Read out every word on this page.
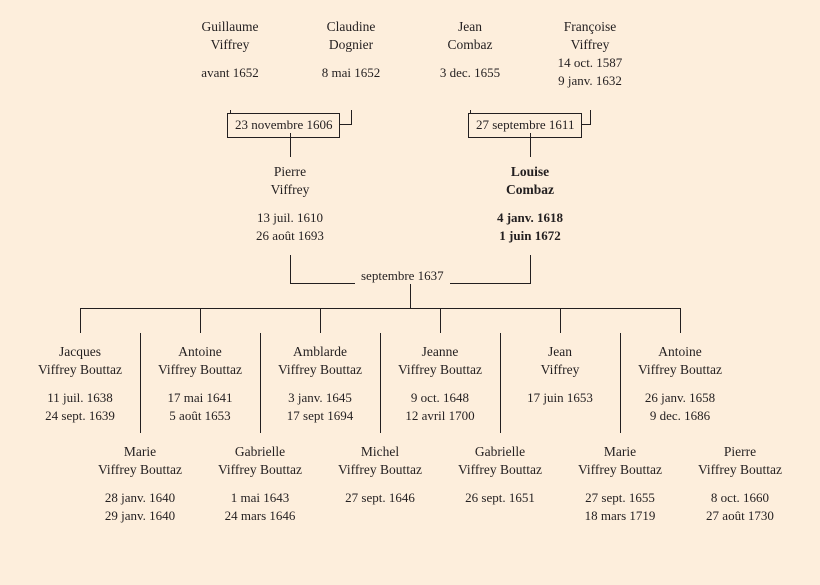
Guillaume
Viffrey
avant 1652
Claudine
Dognier
8 mai 1652
Jean
Combaz
3 dec. 1655
Françoise
Viffrey
14 oct. 1587
9 janv. 1632
23 novembre 1606	27 septembre 1611
Pierre
Viffrey
13 juil. 1610
26 août 1693
Louise
Combaz
4 janv. 1618
1 juin 1672
septembre 1637
Jacques
Viffrey Bouttaz
11 juil. 1638
24 sept. 1639
Antoine
Viffrey Bouttaz
17 mai 1641
5 août 1653
Amblarde
Viffrey Bouttaz
3 janv. 1645
17 sept 1694
Jeanne
Viffrey Bouttaz
9 oct. 1648
12 avril 1700
Jean
Viffrey
17 juin 1653
Antoine
Viffrey Bouttaz
26 janv. 1658
9 dec. 1686
Marie
Viffrey Bouttaz
28 janv. 1640
29 janv. 1640
Gabrielle
Viffrey Bouttaz
1 mai 1643
24 mars 1646
Michel
Viffrey Bouttaz
27 sept. 1646
Gabrielle
Viffrey Bouttaz
26 sept. 1651
Marie
Viffrey Bouttaz
27 sept. 1655
18 mars 1719
Pierre
Viffrey Bouttaz
8 oct. 1660
27 août 1730
